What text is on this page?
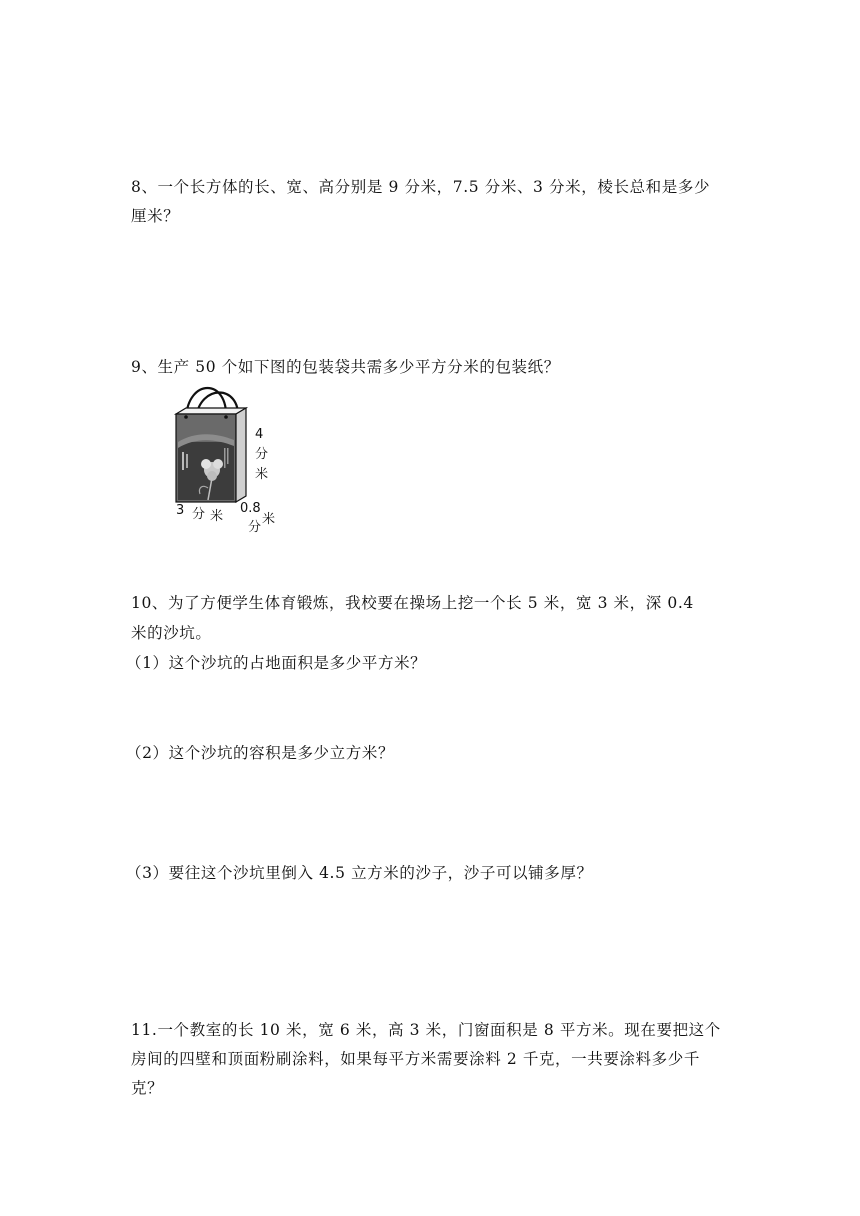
8、一个长方体的长、宽、高分别是 9 分米，7.5 分米、3 分米，棱长总和是多少
厘米？
9、生产 50 个如下图的包装袋共需多少平方分米的包装纸？
4
分
米
3 分 米
0.8
分
米
10、为了方便学生体育锻炼，我校要在操场上挖一个长 5 米，宽 3 米，深 0.4
米的沙坑。
（1）这个沙坑的占地面积是多少平方米？
（2）这个沙坑的容积是多少立方米？
（3）要往这个沙坑里倒入 4.5 立方米的沙子，沙子可以铺多厚？
11.一个教室的长 10 米，宽 6 米，高 3 米，门窗面积是 8 平方米。现在要把这个
房间的四壁和顶面粉刷涂料，如果每平方米需要涂料 2 千克，一共要涂料多少千
克？
